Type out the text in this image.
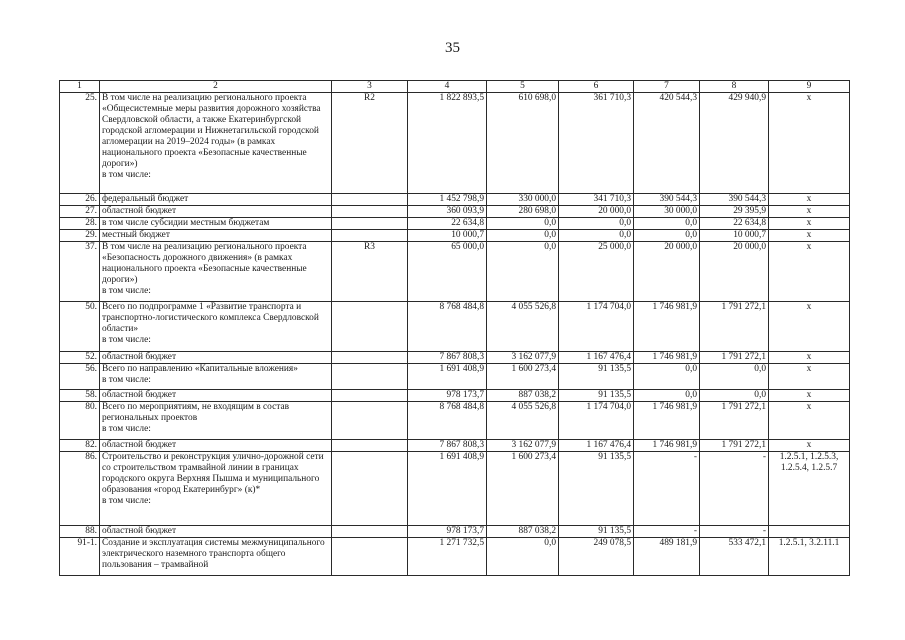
35
1	2	3	4	5	6	7	8	9
25.	В том числе на реализацию регионального проекта «Общесистемные меры развития дорожного хозяйства Свердловской области, а также Екатеринбургской городской агломерации и Нижнетагильской городской агломерации на 2019–2024 годы» (в рамках национального проекта «Безопасные качественные дороги»)
в том числе:	R2	1 822 893,5	610 698,0	361 710,3	420 544,3	429 940,9	x
26.	федеральный бюджет		1 452 798,9	330 000,0	341 710,3	390 544,3	390 544,3	x
27.	областной бюджет		360 093,9	280 698,0	20 000,0	30 000,0	29 395,9	x
28.	в том числе субсидии местным бюджетам		22 634,8	0,0	0,0	0,0	22 634,8	x
29.	местный бюджет		10 000,7	0,0	0,0	0,0	10 000,7	x
37.	В том числе на реализацию регионального проекта «Безопасность дорожного движения» (в рамках национального проекта «Безопасные качественные дороги»)
в том числе:	R3	65 000,0	0,0	25 000,0	20 000,0	20 000,0	x
50.	Всего по подпрограмме 1 «Развитие транспорта и транспортно-логистического комплекса Свердловской области»
в том числе:		8 768 484,8	4 055 526,8	1 174 704,0	1 746 981,9	1 791 272,1	x
52.	областной бюджет		7 867 808,3	3 162 077,9	1 167 476,4	1 746 981,9	1 791 272,1	x
56.	Всего по направлению «Капитальные вложения»
в том числе:		1 691 408,9	1 600 273,4	91 135,5	0,0	0,0	x
58.	областной бюджет		978 173,7	887 038,2	91 135,5	0,0	0,0	x
80.	Всего по мероприятиям, не входящим в состав региональных проектов
в том числе:		8 768 484,8	4 055 526,8	1 174 704,0	1 746 981,9	1 791 272,1	x
82.	областной бюджет		7 867 808,3	3 162 077,9	1 167 476,4	1 746 981,9	1 791 272,1	x
86.	Строительство и реконструкция улично-дорожной сети со строительством трамвайной линии в границах городского округа Верхняя Пышма и муниципального образования «город Екатеринбург» (к)*
в том числе:		1 691 408,9	1 600 273,4	91 135,5	-	-	1.2.5.1, 1.2.5.3, 1.2.5.4, 1.2.5.7
88.	областной бюджет		978 173,7	887 038,2	91 135,5	-	-	
91-1.	Создание и эксплуатация системы межмуниципального электрического наземного транспорта общего пользования – трамвайной		1 271 732,5	0,0	249 078,5	489 181,9	533 472,1	1.2.5.1, 3.2.11.1
